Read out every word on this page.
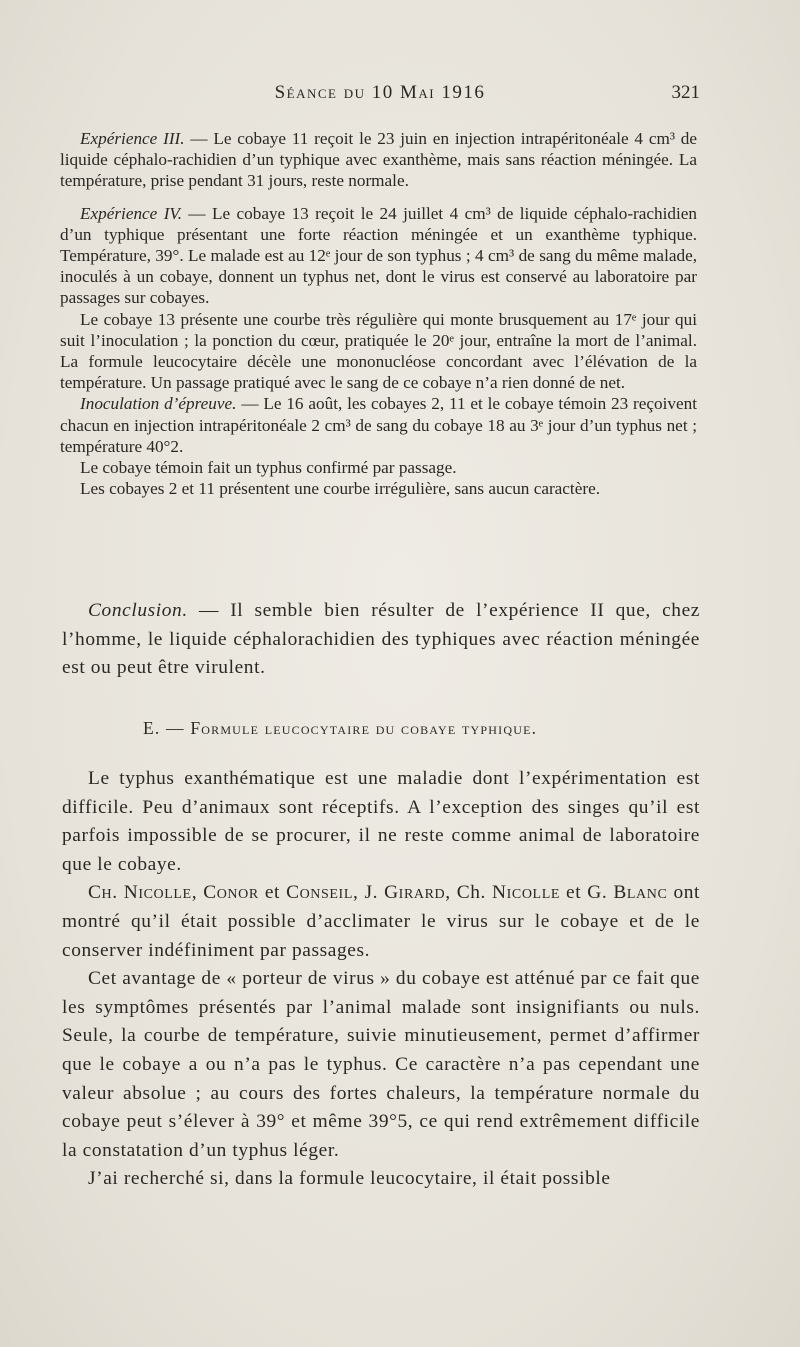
Séance du 10 Mai 1916	321

Expérience III. — Le cobaye 11 reçoit le 23 juin en injection intrapéritonéale 4 cm³ de liquide céphalo-rachidien d’un typhique avec exanthème, mais sans réaction méningée. La température, prise pendant 31 jours, reste normale.

Expérience IV. — Le cobaye 13 reçoit le 24 juillet 4 cm³ de liquide céphalo-rachidien d’un typhique présentant une forte réaction méningée et un exanthème typhique. Température, 39°. Le malade est au 12ᵉ jour de son typhus ; 4 cm³ de sang du même malade, inoculés à un cobaye, donnent un typhus net, dont le virus est conservé au laboratoire par passages sur cobayes.

Le cobaye 13 présente une courbe très régulière qui monte brusquement au 17ᵉ jour qui suit l’inoculation ; la ponction du cœur, pratiquée le 20ᵉ jour, entraîne la mort de l’animal. La formule leucocytaire décèle une mononucléose concordant avec l’élévation de la température. Un passage pratiqué avec le sang de ce cobaye n’a rien donné de net.

Inoculation d’épreuve. — Le 16 août, les cobayes 2, 11 et le cobaye témoin 23 reçoivent chacun en injection intrapéritonéale 2 cm³ de sang du cobaye 18 au 3ᵉ jour d’un typhus net ; température 40°2.

Le cobaye témoin fait un typhus confirmé par passage.

Les cobayes 2 et 11 présentent une courbe irrégulière, sans aucun caractère.

Conclusion. — Il semble bien résulter de l’expérience II que, chez l’homme, le liquide céphalorachidien des typhiques avec réaction méningée est ou peut être virulent.

E. — Formule leucocytaire du cobaye typhique.

Le typhus exanthématique est une maladie dont l’expérimentation est difficile. Peu d’animaux sont réceptifs. A l’exception des singes qu’il est parfois impossible de se procurer, il ne reste comme animal de laboratoire que le cobaye.

Ch. Nicolle, Conor et Conseil, J. Girard, Ch. Nicolle et G. Blanc ont montré qu’il était possible d’acclimater le virus sur le cobaye et de le conserver indéfiniment par passages.

Cet avantage de « porteur de virus » du cobaye est atténué par ce fait que les symptômes présentés par l’animal malade sont insignifiants ou nuls. Seule, la courbe de température, suivie minutieusement, permet d’affirmer que le cobaye a ou n’a pas le typhus. Ce caractère n’a pas cependant une valeur absolue ; au cours des fortes chaleurs, la température normale du cobaye peut s’élever à 39° et même 39°5, ce qui rend extrêmement difficile la constatation d’un typhus léger.

J’ai recherché si, dans la formule leucocytaire, il était possible
